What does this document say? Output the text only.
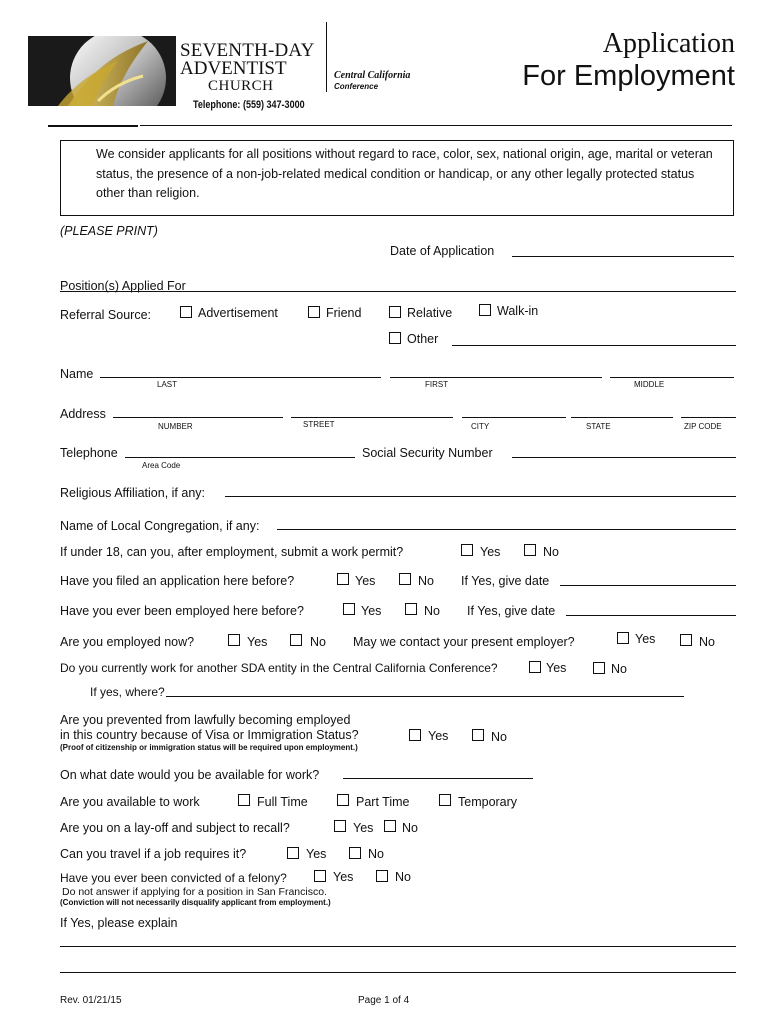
SEVENTH-DAY
ADVENTIST
CHURCH
Telephone: (559) 347-3000
Central California
Conference
Application
For Employment
We consider applicants for all positions without regard to race, color, sex, national origin, age, marital or veteran status, the presence of a non-job-related medical condition or handicap, or any other legally protected status other than religion.
(PLEASE PRINT)
Date of Application
Position(s) Applied For
Referral Source:	Advertisement	Friend	Relative	Walk-in
Other
Name
LAST	FIRST	MIDDLE
Address
NUMBER	STREET	CITY	STATE	ZIP CODE
Telephone
Area Code
Social Security Number
Religious Affiliation, if any:
Name of Local Congregation, if any:
If under 18, can you, after employment, submit a work permit?	Yes	No
Have you filed an application here before?	Yes	No If Yes, give date
Have you ever been employed here before?	Yes	No If Yes, give date
Are you employed now?	Yes	No May we contact your present employer?	Yes	No
Do you currently work for another SDA entity in the Central California Conference?	Yes	No
If yes, where?
Are you prevented from lawfully becoming employed
in this country because of Visa or Immigration Status?
(Proof of citizenship or immigration status will be required upon employment.)
Yes	No
On what date would you be available for work?
Are you available to work	Full Time	Part Time	Temporary
Are you on a lay-off and subject to recall?	Yes No
Can you travel if a job requires it?	Yes	No
Have you ever been convicted of a felony?	Yes	No
Do not answer if applying for a position in San Francisco.
(Conviction will not necessarily disqualify applicant from employment.)
If Yes, please explain
Rev. 01/21/15	Page 1 of 4
